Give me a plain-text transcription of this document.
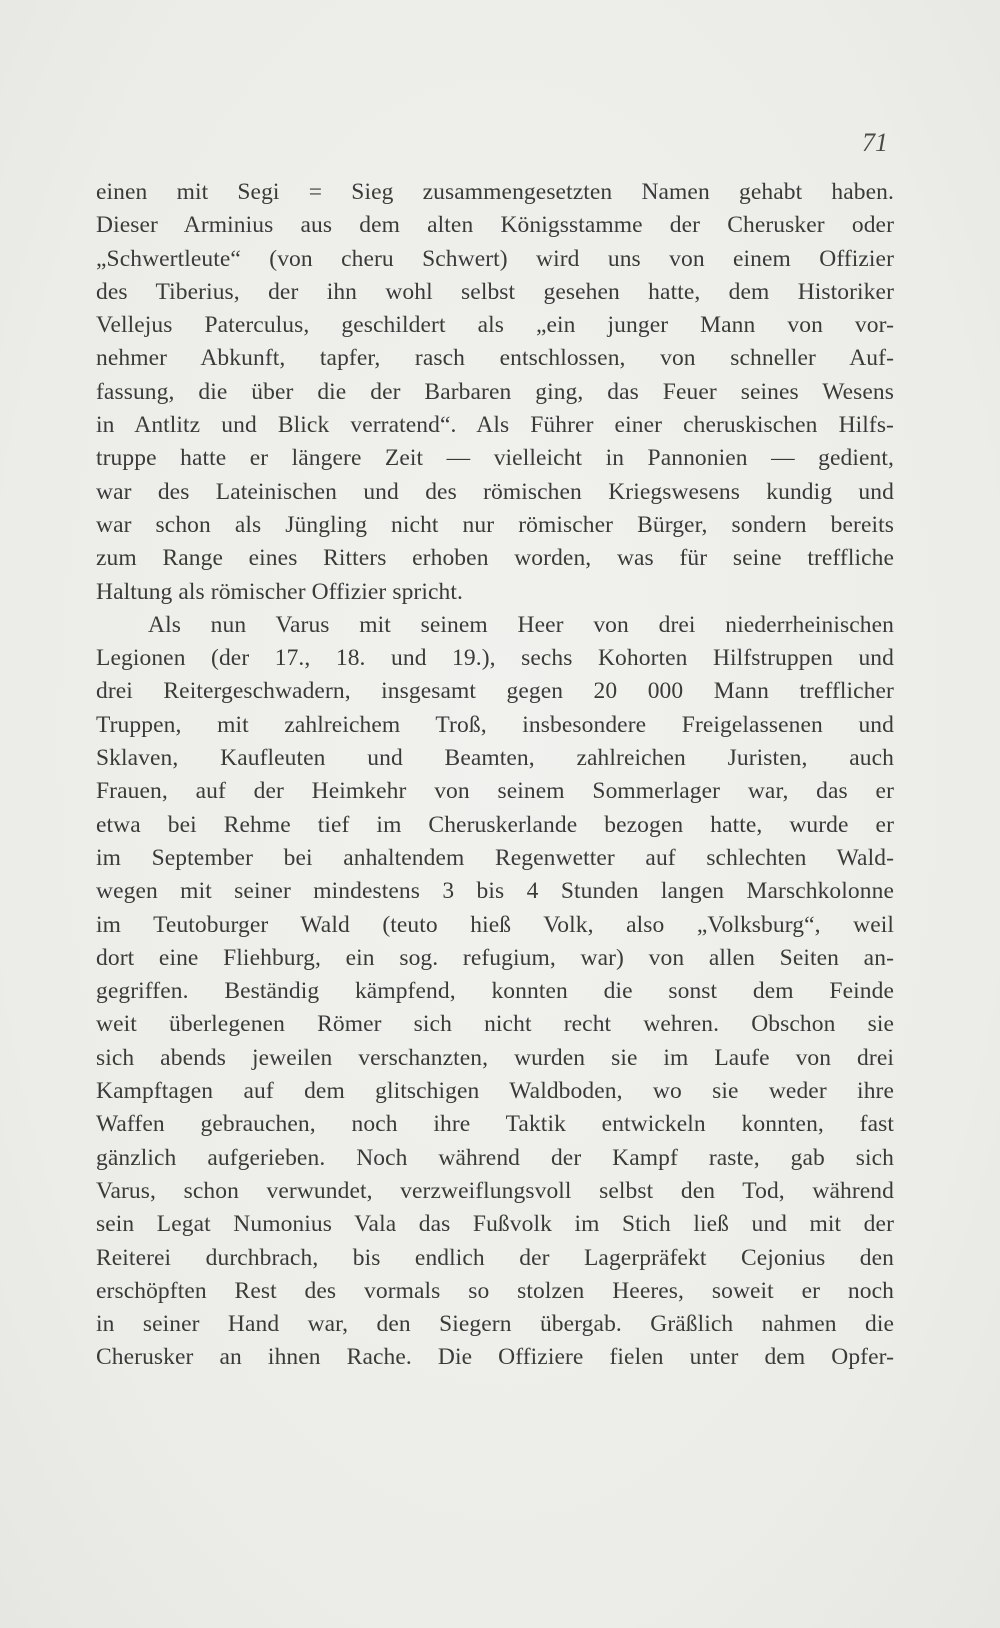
71
einen mit Segi = Sieg zusammengesetzten Namen gehabt haben.
Dieser Arminius aus dem alten Königsstamme der Cherusker oder
„Schwertleute“ (von cheru Schwert) wird uns von einem Offizier
des Tiberius, der ihn wohl selbst gesehen hatte, dem Historiker
Vellejus Paterculus, geschildert als „ein junger Mann von vor-
nehmer Abkunft, tapfer, rasch entschlossen, von schneller Auf-
fassung, die über die der Barbaren ging, das Feuer seines Wesens
in Antlitz und Blick verratend“. Als Führer einer cheruskischen Hilfs-
truppe hatte er längere Zeit — vielleicht in Pannonien — gedient,
war des Lateinischen und des römischen Kriegswesens kundig und
war schon als Jüngling nicht nur römischer Bürger, sondern bereits
zum Range eines Ritters erhoben worden, was für seine treffliche
Haltung als römischer Offizier spricht.
Als nun Varus mit seinem Heer von drei niederrheinischen
Legionen (der 17., 18. und 19.), sechs Kohorten Hilfstruppen und
drei Reitergeschwadern, insgesamt gegen 20 000 Mann trefflicher
Truppen, mit zahlreichem Troß, insbesondere Freigelassenen und
Sklaven, Kaufleuten und Beamten, zahlreichen Juristen, auch
Frauen, auf der Heimkehr von seinem Sommerlager war, das er
etwa bei Rehme tief im Cheruskerlande bezogen hatte, wurde er
im September bei anhaltendem Regenwetter auf schlechten Wald-
wegen mit seiner mindestens 3 bis 4 Stunden langen Marschkolonne
im Teutoburger Wald (teuto hieß Volk, also „Volksburg“, weil
dort eine Fliehburg, ein sog. refugium, war) von allen Seiten an-
gegriffen. Beständig kämpfend, konnten die sonst dem Feinde
weit überlegenen Römer sich nicht recht wehren. Obschon sie
sich abends jeweilen verschanzten, wurden sie im Laufe von drei
Kampftagen auf dem glitschigen Waldboden, wo sie weder ihre
Waffen gebrauchen, noch ihre Taktik entwickeln konnten, fast
gänzlich aufgerieben. Noch während der Kampf raste, gab sich
Varus, schon verwundet, verzweiflungsvoll selbst den Tod, während
sein Legat Numonius Vala das Fußvolk im Stich ließ und mit der
Reiterei durchbrach, bis endlich der Lagerpräfekt Cejonius den
erschöpften Rest des vormals so stolzen Heeres, soweit er noch
in seiner Hand war, den Siegern übergab. Gräßlich nahmen die
Cherusker an ihnen Rache. Die Offiziere fielen unter dem Opfer-
